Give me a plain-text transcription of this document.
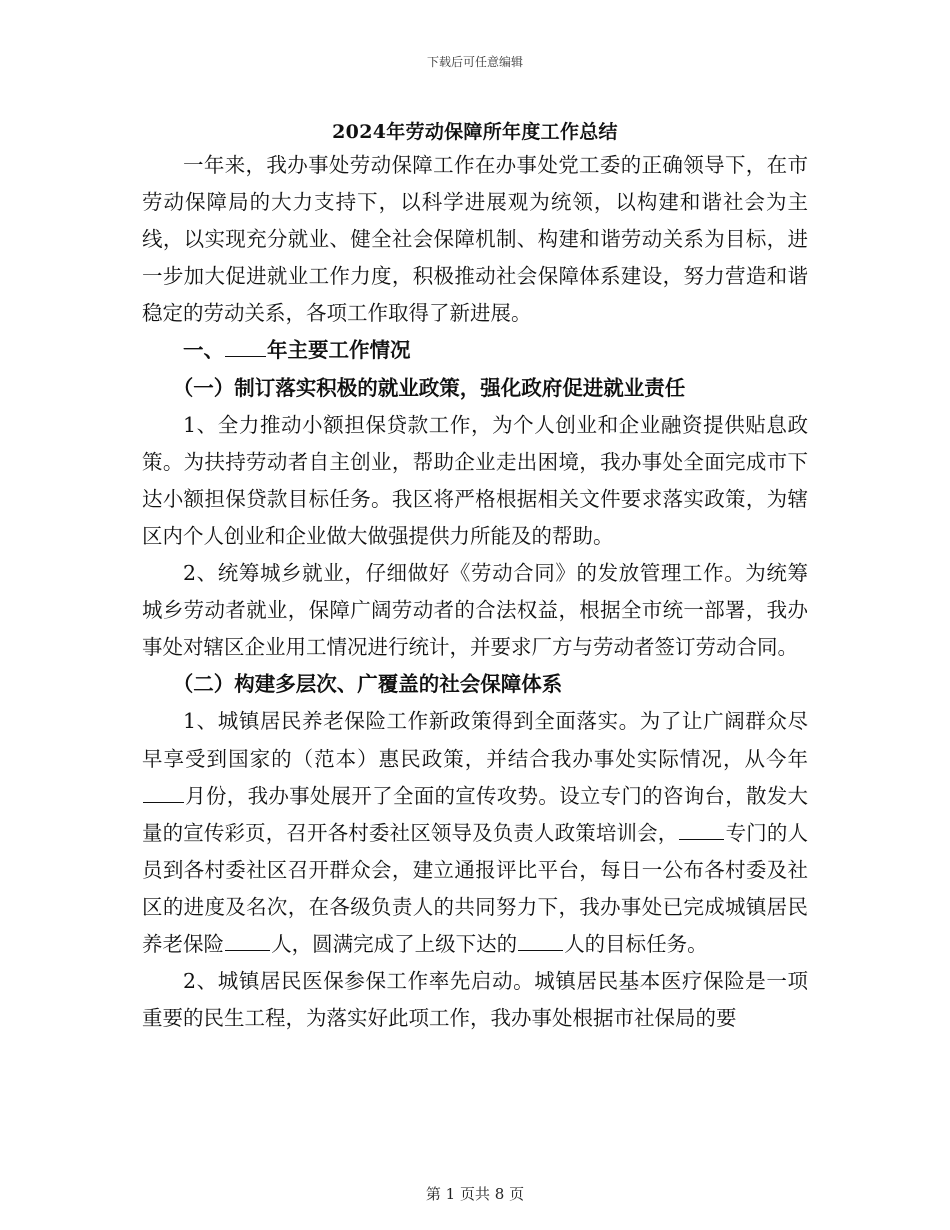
下载后可任意编辑
2024年劳动保障所年度工作总结

一年来，我办事处劳动保障工作在办事处党工委的正确领导下，在市劳动保障局的大力支持下，以科学进展观为统领，以构建和谐社会为主线，以实现充分就业、健全社会保障机制、构建和谐劳动关系为目标，进一步加大促进就业工作力度，积极推动社会保障体系建设，努力营造和谐稳定的劳动关系，各项工作取得了新进展。

一、 年主要工作情况

（一）制订落实积极的就业政策，强化政府促进就业责任

1、全力推动小额担保贷款工作，为个人创业和企业融资提供贴息政策。为扶持劳动者自主创业，帮助企业走出困境，我办事处全面完成市下达小额担保贷款目标任务。我区将严格根据相关文件要求落实政策，为辖区内个人创业和企业做大做强提供力所能及的帮助。

2、统筹城乡就业，仔细做好《劳动合同》的发放管理工作。为统筹城乡劳动者就业，保障广阔劳动者的合法权益，根据全市统一部署，我办事处对辖区企业用工情况进行统计，并要求厂方与劳动者签订劳动合同。

（二）构建多层次、广覆盖的社会保障体系

1、城镇居民养老保险工作新政策得到全面落实。为了让广阔群众尽早享受到国家的（范本）惠民政策，并结合我办事处实际情况，从今年月份，我办事处展开了全面的宣传攻势。设立专门的咨询台，散发大量的宣传彩页，召开各村委社区领导及负责人政策培训会， 专门的人员到各村委社区召开群众会，建立通报评比平台，每日一公布各村委及社区的进度及名次，在各级负责人的共同努力下，我办事处已完成城镇居民养老保险 人，圆满完成了上级下达的 人的目标任务。

2、城镇居民医保参保工作率先启动。城镇居民基本医疗保险是一项重要的民生工程，为落实好此项工作，我办事处根据市社保局的要

第 1 页共 8 页
